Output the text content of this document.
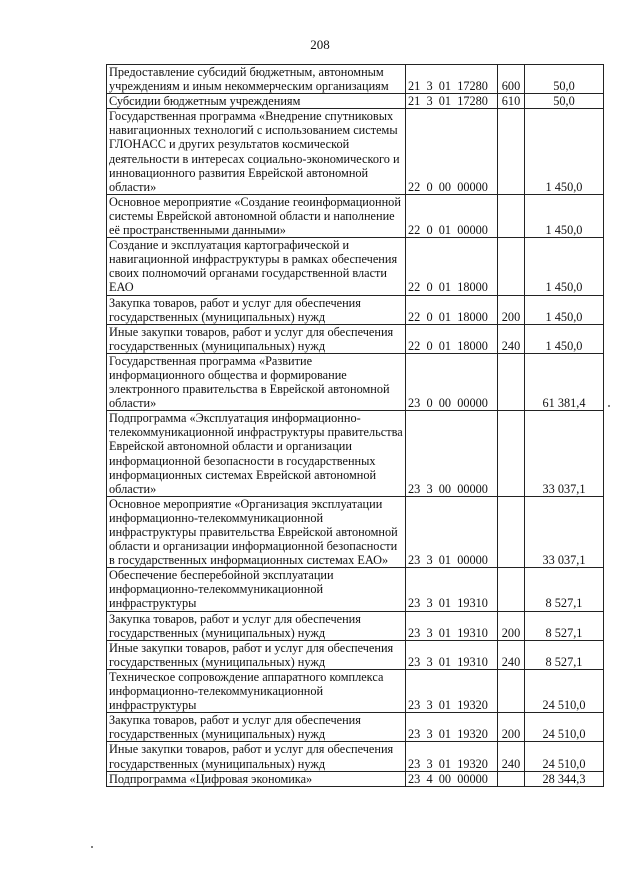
208
Предоставление субсидий бюджетным, автономным учреждениям и иным некоммерческим организациям	21  3  01  17280	600	50,0
Субсидии бюджетным учреждениям	21  3  01  17280	610	50,0
Государственная программа «Внедрение спутниковых навигационных технологий с использованием системы ГЛОНАСС и других результатов космической деятельности в интересах социально-экономического и инновационного развития Еврейской автономной области»	22  0  00  00000		1 450,0
Основное мероприятие «Создание геоинформационной системы Еврейской автономной области и наполнение её пространственными данными»	22  0  01  00000		1 450,0
Создание и эксплуатация картографической и навигационной инфраструктуры в рамках обеспечения своих полномочий органами государственной власти ЕАО	22  0  01  18000		1 450,0
Закупка товаров, работ и услуг для обеспечения государственных (муниципальных) нужд	22  0  01  18000	200	1 450,0
Иные закупки товаров, работ и услуг для обеспечения государственных (муниципальных) нужд	22  0  01  18000	240	1 450,0
Государственная программа «Развитие информационного общества и формирование электронного правительства в Еврейской автономной области»	23  0  00  00000		61 381,4
Подпрограмма «Эксплуатация информационно-телекоммуникационной инфраструктуры правительства Еврейской автономной области и организации информационной безопасности в государственных информационных системах Еврейской автономной области»	23  3  00  00000		33 037,1
Основное мероприятие «Организация эксплуатации информационно-телекоммуникационной инфраструктуры правительства Еврейской автономной области и организации информационной безопасности в государственных информационных системах ЕАО»	23  3  01  00000		33 037,1
Обеспечение бесперебойной эксплуатации информационно-телекоммуникационной инфраструктуры	23  3  01  19310		8 527,1
Закупка товаров, работ и услуг для обеспечения государственных (муниципальных) нужд	23  3  01  19310	200	8 527,1
Иные закупки товаров, работ и услуг для обеспечения государственных (муниципальных) нужд	23  3  01  19310	240	8 527,1
Техническое сопровождение аппаратного комплекса информационно-телекоммуникационной инфраструктуры	23  3  01  19320		24 510,0
Закупка товаров, работ и услуг для обеспечения государственных (муниципальных) нужд	23  3  01  19320	200	24 510,0
Иные закупки товаров, работ и услуг для обеспечения государственных (муниципальных) нужд	23  3  01  19320	240	24 510,0
Подпрограмма «Цифровая экономика»	23  4  00  00000		28 344,3
